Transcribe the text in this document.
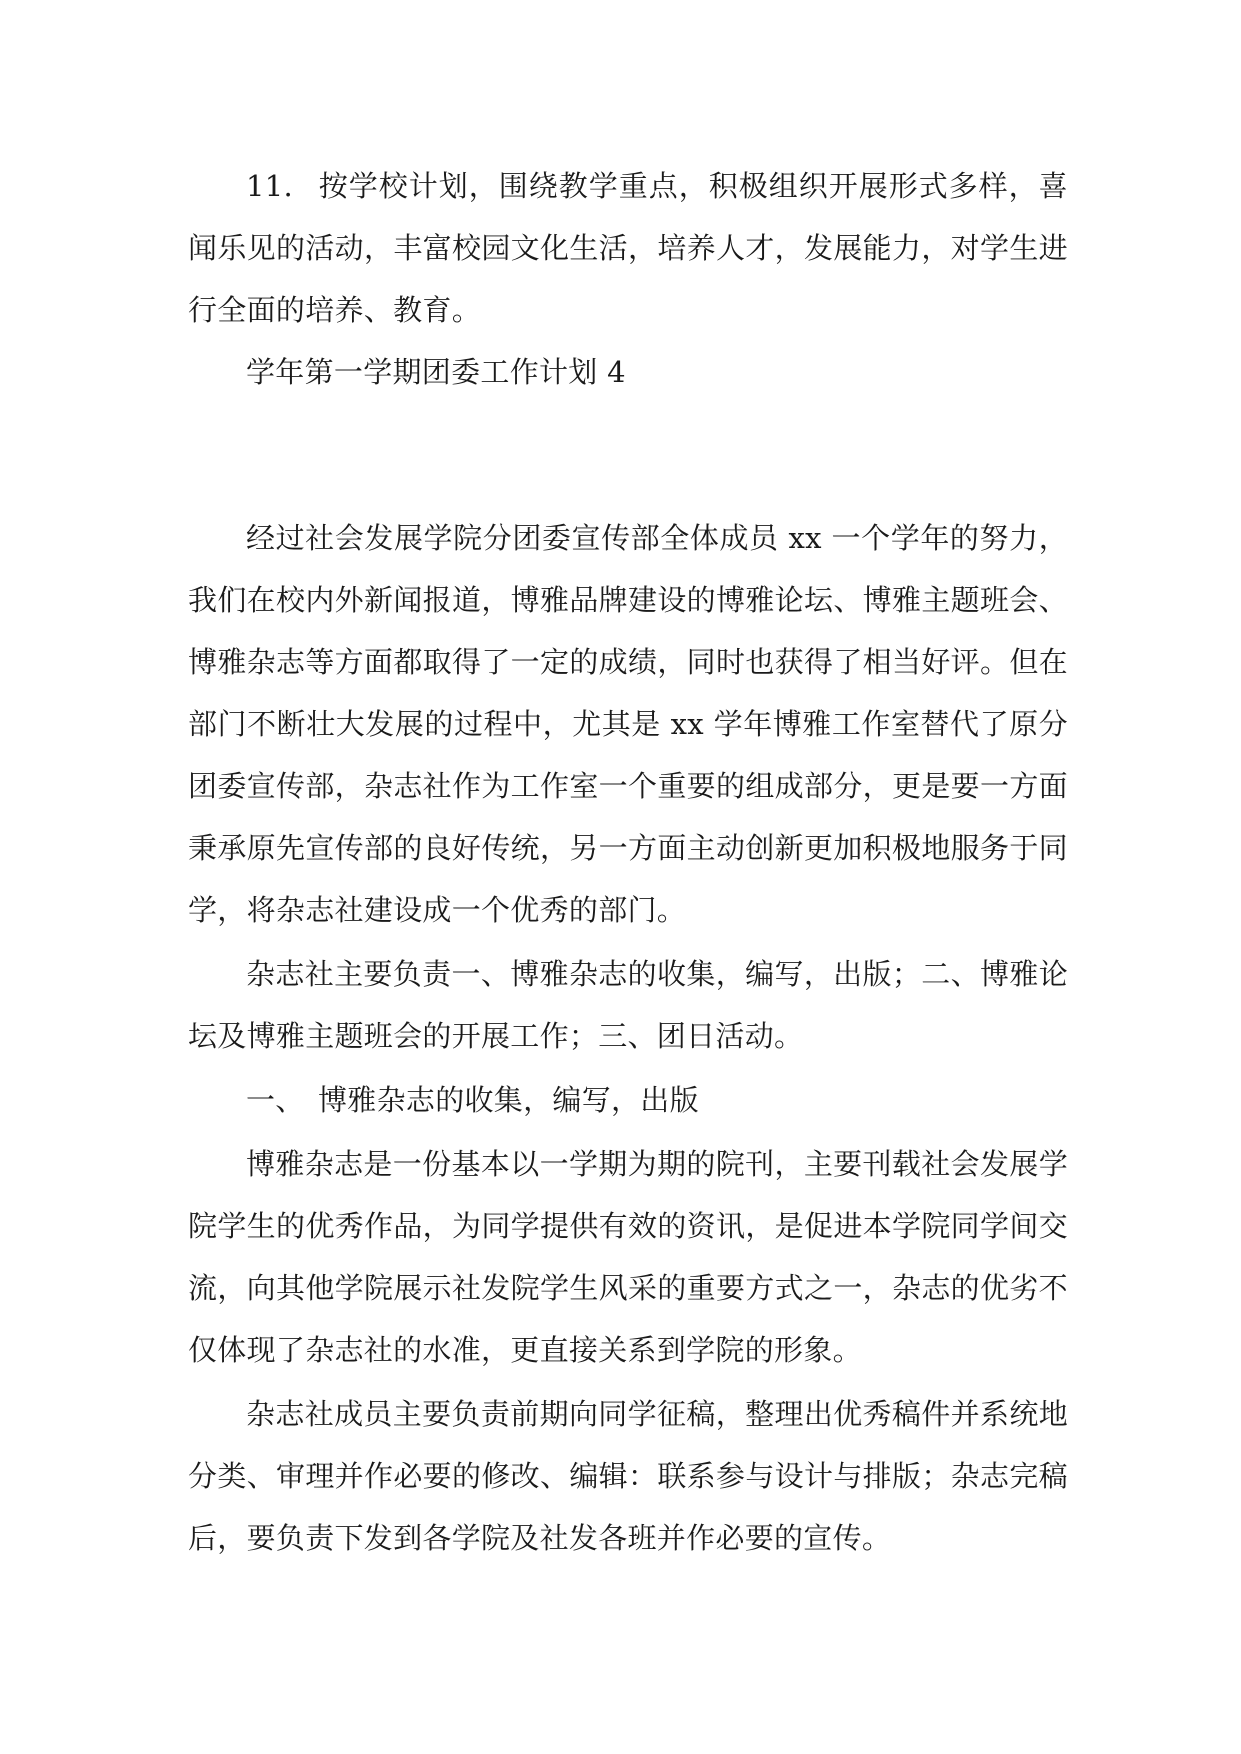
11. 按学校计划，围绕教学重点，积极组织开展形式多样，喜闻乐见的活动，丰富校园文化生活，培养人才，发展能力，对学生进行全面的培养、教育。

学年第一学期团委工作计划 4

经过社会发展学院分团委宣传部全体成员 xx 一个学年的努力，我们在校内外新闻报道，博雅品牌建设的博雅论坛、博雅主题班会、博雅杂志等方面都取得了一定的成绩，同时也获得了相当好评。但在部门不断壮大发展的过程中，尤其是 xx 学年博雅工作室替代了原分团委宣传部，杂志社作为工作室一个重要的组成部分，更是要一方面秉承原先宣传部的良好传统，另一方面主动创新更加积极地服务于同学，将杂志社建设成一个优秀的部门。

杂志社主要负责一、博雅杂志的收集，编写，出版；二、博雅论坛及博雅主题班会的开展工作；三、团日活动。

一、 博雅杂志的收集，编写，出版

博雅杂志是一份基本以一学期为期的院刊，主要刊载社会发展学院学生的优秀作品，为同学提供有效的资讯，是促进本学院同学间交流，向其他学院展示社发院学生风采的重要方式之一，杂志的优劣不仅体现了杂志社的水准，更直接关系到学院的形象。

杂志社成员主要负责前期向同学征稿，整理出优秀稿件并系统地分类、审理并作必要的修改、编辑：联系参与设计与排版；杂志完稿后，要负责下发到各学院及社发各班并作必要的宣传。
